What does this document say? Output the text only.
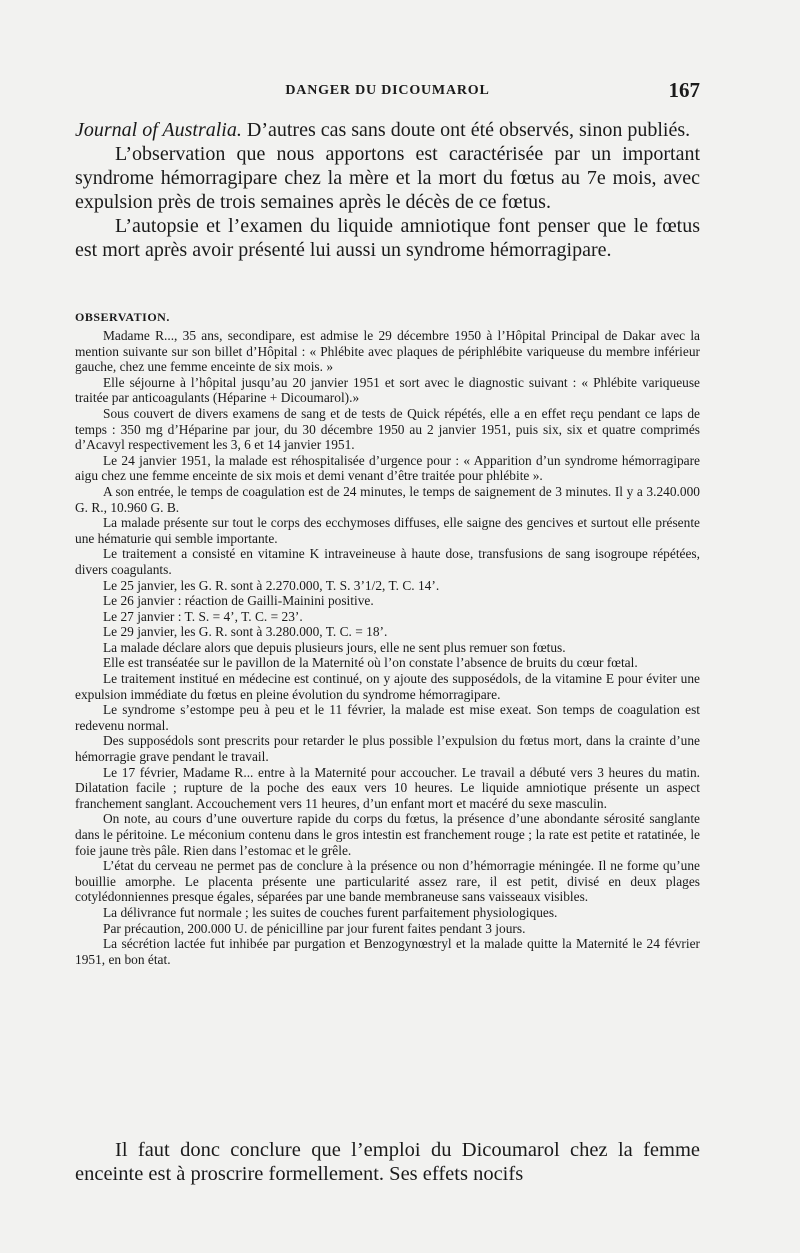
DANGER DU DICOUMAROL	167

Journal of Australia. D’autres cas sans doute ont été observés, sinon publiés.

L’observation que nous apportons est caractérisée par un important syndrome hémorragipare chez la mère et la mort du fœtus au 7e mois, avec expulsion près de trois semaines après le décès de ce fœtus.

L’autopsie et l’examen du liquide amniotique font penser que le fœtus est mort après avoir présenté lui aussi un syndrome hémorragipare.

OBSERVATION.

Madame R..., 35 ans, secondipare, est admise le 29 décembre 1950 à l’Hôpital Principal de Dakar avec la mention suivante sur son billet d’Hôpital : « Phlébite avec plaques de périphlébite variqueuse du membre inférieur gauche, chez une femme enceinte de six mois. »

Elle séjourne à l’hôpital jusqu’au 20 janvier 1951 et sort avec le diagnostic suivant : « Phlébite variqueuse traitée par anticoagulants (Héparine + Dicoumarol).»

Sous couvert de divers examens de sang et de tests de Quick répétés, elle a en effet reçu pendant ce laps de temps : 350 mg d’Héparine par jour, du 30 décembre 1950 au 2 janvier 1951, puis six, six et quatre comprimés d’Acavyl respectivement les 3, 6 et 14 janvier 1951.

Le 24 janvier 1951, la malade est réhospitalisée d’urgence pour : « Apparition d’un syndrome hémorragipare aigu chez une femme enceinte de six mois et demi venant d’être traitée pour phlébite ».

A son entrée, le temps de coagulation est de 24 minutes, le temps de saignement de 3 minutes. Il y a 3.240.000 G. R., 10.960 G. B.

La malade présente sur tout le corps des ecchymoses diffuses, elle saigne des gencives et surtout elle présente une hématurie qui semble importante.

Le traitement a consisté en vitamine K intraveineuse à haute dose, transfusions de sang isogroupe répétées, divers coagulants.

Le 25 janvier, les G. R. sont à 2.270.000, T. S. 3’1/2, T. C. 14’.

Le 26 janvier : réaction de Gailli-Mainini positive.

Le 27 janvier : T. S. = 4’, T. C. = 23’.

Le 29 janvier, les G. R. sont à 3.280.000, T. C. = 18’.

La malade déclare alors que depuis plusieurs jours, elle ne sent plus remuer son fœtus.

Elle est transéatée sur le pavillon de la Maternité où l’on constate l’absence de bruits du cœur fœtal.

Le traitement institué en médecine est continué, on y ajoute des supposédols, de la vitamine E pour éviter une expulsion immédiate du fœtus en pleine évolution du syndrome hémorragipare.

Le syndrome s’estompe peu à peu et le 11 février, la malade est mise exeat. Son temps de coagulation est redevenu normal.

Des supposédols sont prescrits pour retarder le plus possible l’expulsion du fœtus mort, dans la crainte d’une hémorragie grave pendant le travail.

Le 17 février, Madame R... entre à la Maternité pour accoucher. Le travail a débuté vers 3 heures du matin. Dilatation facile ; rupture de la poche des eaux vers 10 heures. Le liquide amniotique présente un aspect franchement sanglant. Accouchement vers 11 heures, d’un enfant mort et macéré du sexe masculin.

On note, au cours d’une ouverture rapide du corps du fœtus, la présence d’une abondante sérosité sanglante dans le péritoine. Le méconium contenu dans le gros intestin est franchement rouge ; la rate est petite et ratatinée, le foie jaune très pâle. Rien dans l’estomac et le grêle.

L’état du cerveau ne permet pas de conclure à la présence ou non d’hémorragie méningée. Il ne forme qu’une bouillie amorphe. Le placenta présente une particularité assez rare, il est petit, divisé en deux plages cotylédonniennes presque égales, séparées par une bande membraneuse sans vaisseaux visibles.

La délivrance fut normale ; les suites de couches furent parfaitement physiologiques.

Par précaution, 200.000 U. de pénicilline par jour furent faites pendant 3 jours.

La sécrétion lactée fut inhibée par purgation et Benzogynœstryl et la malade quitte la Maternité le 24 février 1951, en bon état.

Il faut donc conclure que l’emploi du Dicoumarol chez la femme enceinte est à proscrire formellement. Ses effets nocifs
